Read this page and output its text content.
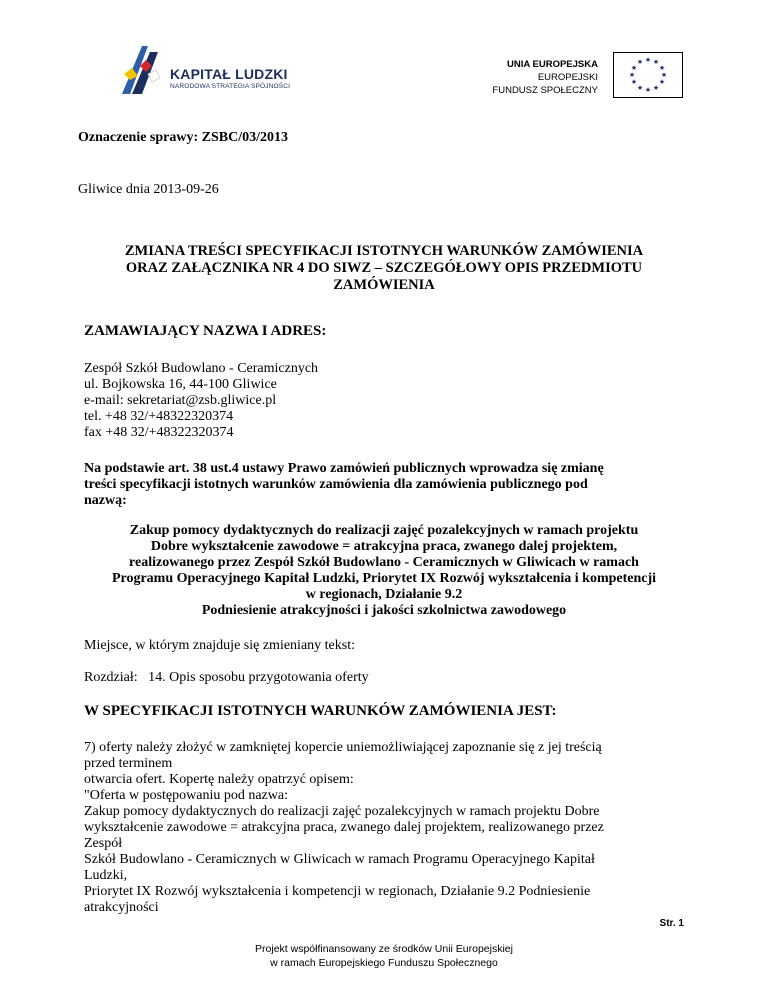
KAPITAŁ LUDZKI
NARODOWA STRATEGIA SPÓJNOŚCI
UNIA EUROPEJSKA
EUROPEJSKI
FUNDUSZ SPOŁECZNY
★ ★
★
★
★
★
★
★
★
★
★
★
Oznaczenie sprawy: ZSBC/03/2013
Gliwice dnia 2013-09-26
ZMIANA TREŚCI SPECYFIKACJI ISTOTNYCH WARUNKÓW ZAMÓWIENIA
ORAZ ZAŁĄCZNIKA NR 4 DO SIWZ – SZCZEGÓŁOWY OPIS PRZEDMIOTU
ZAMÓWIENIA
ZAMAWIAJĄCY NAZWA I ADRES:
Zespół Szkół Budowlano - Ceramicznych
ul. Bojkowska 16, 44-100 Gliwice
e-mail: sekretariat@zsb.gliwice.pl
tel. +48 32/+48322320374
fax +48 32/+48322320374
Na podstawie art. 38 ust.4 ustawy Prawo zamówień publicznych wprowadza się zmianę
treści specyfikacji istotnych warunków zamówienia dla zamówienia publicznego pod
nazwą:
Zakup pomocy dydaktycznych do realizacji zajęć pozalekcyjnych w ramach projektu
Dobre wykształcenie zawodowe = atrakcyjna praca, zwanego dalej projektem,
realizowanego przez Zespół Szkół Budowlano - Ceramicznych w Gliwicach w ramach
Programu Operacyjnego Kapitał Ludzki, Priorytet IX Rozwój wykształcenia i kompetencji
w regionach, Działanie 9.2
Podniesienie atrakcyjności i jakości szkolnictwa zawodowego
Miejsce, w którym znajduje się zmieniany tekst:
Rozdział:   14. Opis sposobu przygotowania oferty
W SPECYFIKACJI ISTOTNYCH WARUNKÓW ZAMÓWIENIA JEST:
7) oferty należy złożyć w zamkniętej kopercie uniemożliwiającej zapoznanie się z jej treścią
przed terminem
otwarcia ofert. Kopertę należy opatrzyć opisem:
"Oferta w postępowaniu pod nazwa:
Zakup pomocy dydaktycznych do realizacji zajęć pozalekcyjnych w ramach projektu Dobre
wykształcenie zawodowe = atrakcyjna praca, zwanego dalej projektem, realizowanego przez
Zespół
Szkół Budowlano - Ceramicznych w Gliwicach w ramach Programu Operacyjnego Kapitał
Ludzki,
Priorytet IX Rozwój wykształcenia i kompetencji w regionach, Działanie 9.2 Podniesienie
atrakcyjności
Str. 1
Projekt współfinansowany ze środków Unii Europejskiej
w ramach Europejskiego Funduszu Społecznego
